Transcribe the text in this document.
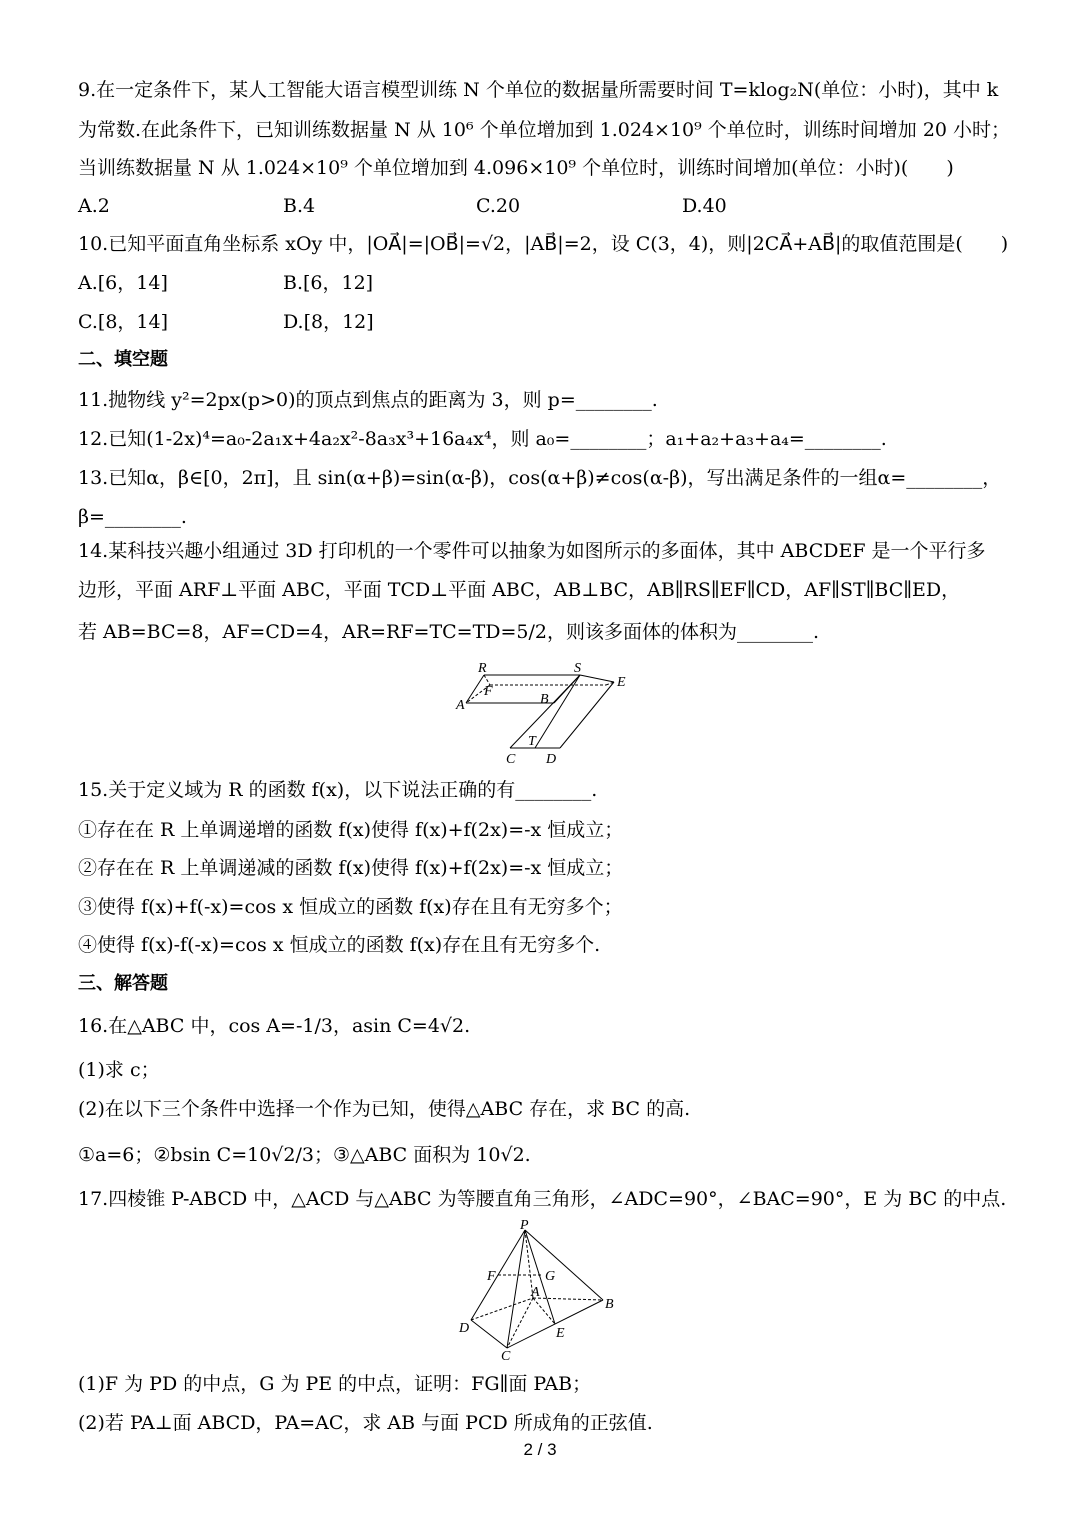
9.在一定条件下，某人工智能大语言模型训练 N 个单位的数据量所需要时间 T=klog₂N(单位：小时)，其中 k
为常数.在此条件下，已知训练数据量 N 从 10⁶ 个单位增加到 1.024×10⁹ 个单位时，训练时间增加 20 小时；
当训练数据量 N 从 1.024×10⁹ 个单位增加到 4.096×10⁹ 个单位时，训练时间增加(单位：小时)(　　)
A.2	B.4	C.20	D.40
10.已知平面直角坐标系 xOy 中，|OA⃗|=|OB⃗|=√2，|AB⃗|=2，设 C(3，4)，则|2CA⃗+AB⃗|的取值范围是(　　)
A.[6，14]	B.[6，12]
C.[8，14]	D.[8，12]
二、填空题
11.抛物线 y²=2px(p>0)的顶点到焦点的距离为 3，则 p=________.
12.已知(1-2x)⁴=a₀-2a₁x+4a₂x²-8a₃x³+16a₄x⁴，则 a₀=________；a₁+a₂+a₃+a₄=________.
13.已知α，β∈[0，2π]，且 sin(α+β)=sin(α-β)，cos(α+β)≠cos(α-β)，写出满足条件的一组α=________，
β=________.
14.某科技兴趣小组通过 3D 打印机的一个零件可以抽象为如图所示的多面体，其中 ABCDEF 是一个平行多
边形，平面 ARF⊥平面 ABC，平面 TCD⊥平面 ABC，AB⊥BC，AB∥RS∥EF∥CD，AF∥ST∥BC∥ED，
若 AB=BC=8，AF=CD=4，AR=RF=TC=TD=5/2，则该多面体的体积为________.
R	S
E
F
A	B
T
C D
15.关于定义域为 R 的函数 f(x)，以下说法正确的有________.
①存在在 R 上单调递增的函数 f(x)使得 f(x)+f(2x)=-x 恒成立；
②存在在 R 上单调递减的函数 f(x)使得 f(x)+f(2x)=-x 恒成立；
③使得 f(x)+f(-x)=cos x 恒成立的函数 f(x)存在且有无穷多个；
④使得 f(x)-f(-x)=cos x 恒成立的函数 f(x)存在且有无穷多个.
三、解答题
16.在△ABC 中，cos A=-1/3，asin C=4√2.
(1)求 c；
(2)在以下三个条件中选择一个作为已知，使得△ABC 存在，求 BC 的高.
①a=6；②bsin C=10√2/3；③△ABC 面积为 10√2.
17.四棱锥 P-ABCD 中，△ACD 与△ABC 为等腰直角三角形，∠ADC=90°，∠BAC=90°，E 为 BC 的中点.
P
F	G
A
B
D	E
C
(1)F 为 PD 的中点，G 为 PE 的中点，证明：FG∥面 PAB；
(2)若 PA⊥面 ABCD，PA=AC，求 AB 与面 PCD 所成角的正弦值.
2 / 3
